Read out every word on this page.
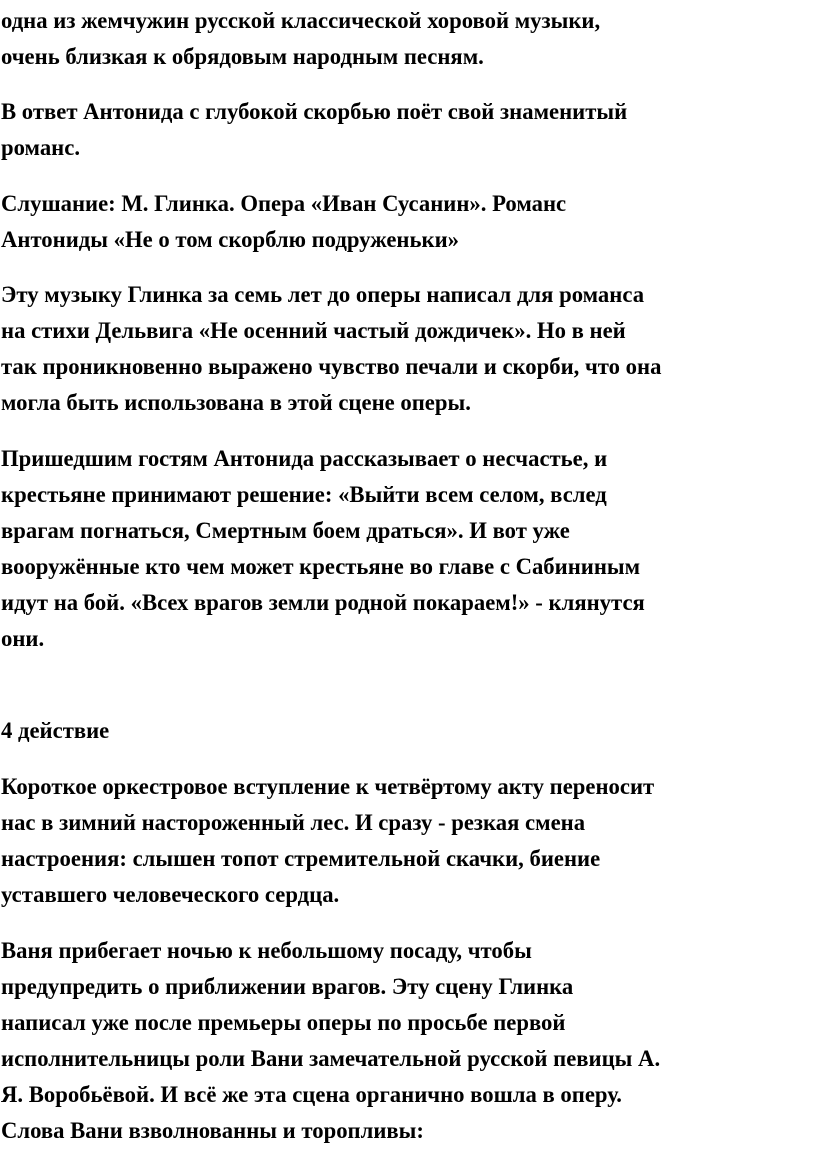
одна из жемчужин русской классической хоровой музыки,
очень близкая к обрядовым народным песням.

В ответ Антонида с глубокой скорбью поёт свой знаменитый
романс.

Слушание: М. Глинка. Опера «Иван Сусанин». Романс
Антониды «Не о том скорблю подруженьки»

Эту музыку Глинка за семь лет до оперы написал для романса
на стихи Дельвига «Не осенний частый дождичек». Но в ней
так проникновенно выражено чувство печали и скорби, что она
могла быть использована в этой сцене оперы.

Пришедшим гостям Антонида рассказывает о несчастье, и
крестьяне принимают решение: «Выйти всем селом, вслед
врагам погнаться, Смертным боем драться». И вот уже
вооружённые кто чем может крестьяне во главе с Сабининым
идут на бой. «Всех врагов земли родной покараем!» - клянутся
они.

4 действие

Короткое оркестровое вступление к четвёртому акту переносит
нас в зимний настороженный лес. И сразу - резкая смена
настроения: слышен топот стремительной скачки, биение
уставшего человеческого сердца.

Ваня прибегает ночью к небольшому посаду, чтобы
предупредить о приближении врагов. Эту сцену Глинка
написал уже после премьеры оперы по просьбе первой
исполнительницы роли Вани замечательной русской певицы А.
Я. Воробьёвой. И всё же эта сцена органично вошла в оперу.
Слова Вани взволнованны и торопливы:
